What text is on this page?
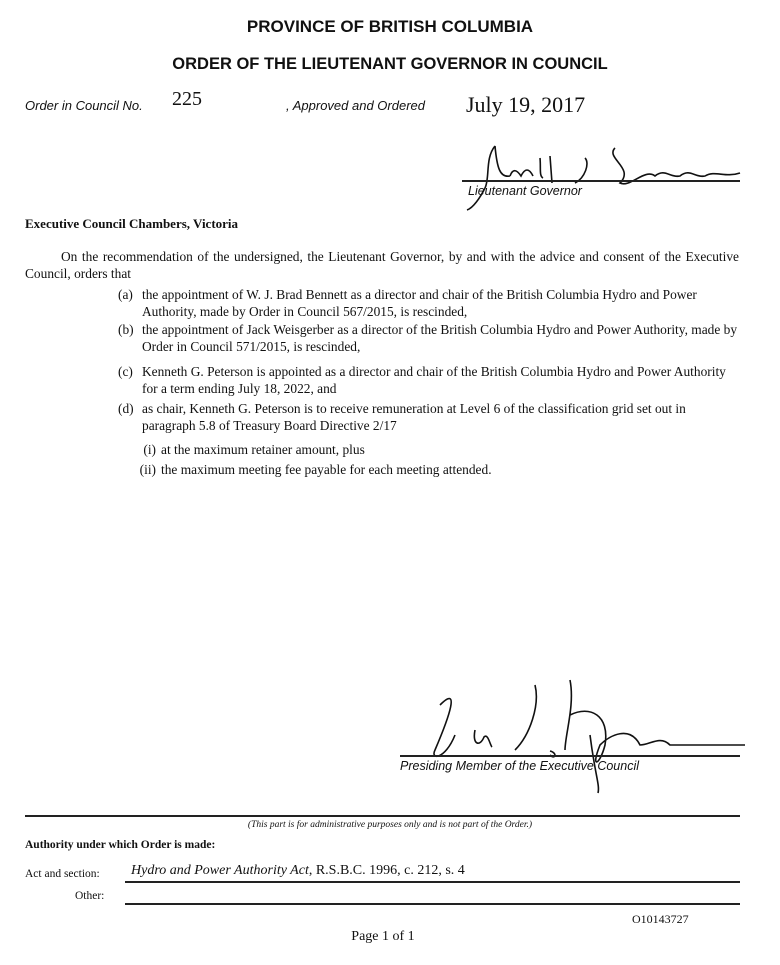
PROVINCE OF BRITISH COLUMBIA
ORDER OF THE LIEUTENANT GOVERNOR IN COUNCIL
Order in Council No. 225	, Approved and Ordered July 19, 2017
Lieutenant Governor
Executive Council Chambers, Victoria
On the recommendation of the undersigned, the Lieutenant Governor, by and with the advice and consent of the Executive Council, orders that
(a) the appointment of W. J. Brad Bennett as a director and chair of the British Columbia Hydro and Power Authority, made by Order in Council 567/2015, is rescinded,
(b) the appointment of Jack Weisgerber as a director of the British Columbia Hydro and Power Authority, made by Order in Council 571/2015, is rescinded,
(c) Kenneth G. Peterson is appointed as a director and chair of the British Columbia Hydro and Power Authority for a term ending July 18, 2022, and
(d) as chair, Kenneth G. Peterson is to receive remuneration at Level 6 of the classification grid set out in paragraph 5.8 of Treasury Board Directive 2/17
(i) at the maximum retainer amount, plus
(ii) the maximum meeting fee payable for each meeting attended.
Presiding Member of the Executive Council
(This part is for administrative purposes only and is not part of the Order.)
Authority under which Order is made:
Act and section: Hydro and Power Authority Act, R.S.B.C. 1996, c. 212, s. 4
Other:
O10143727
Page 1 of 1
